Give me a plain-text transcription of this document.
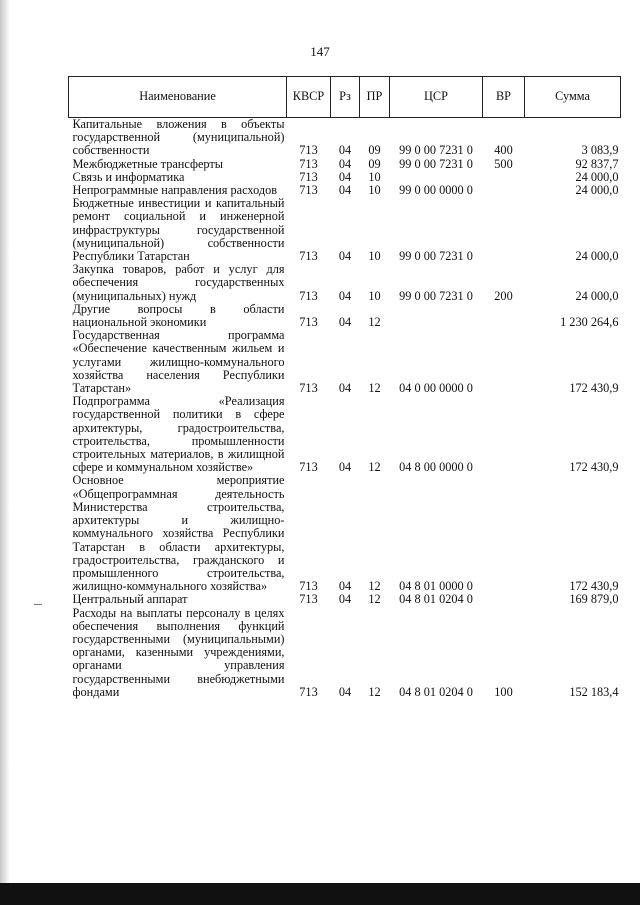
147
Наименование	КВСР	Рз	ПР	ЦСР	ВР	Сумма
Капитальные вложения в объекты государственной (муниципальной) собственности	713	04	09	99 0 00 7231 0	400	3 083,9
Межбюджетные трансферты	713	04	09	99 0 00 7231 0	500	92 837,7
Связь и информатика	713	04	10			24 000,0
Непрограммные направления расходов	713	04	10	99 0 00 0000 0		24 000,0
Бюджетные инвестиции и капитальный ремонт социальной и инженерной инфраструктуры государственной (муниципальной) собственности Республики Татарстан	713	04	10	99 0 00 7231 0		24 000,0
Закупка товаров, работ и услуг для обеспечения государственных (муниципальных) нужд	713	04	10	99 0 00 7231 0	200	24 000,0
Другие вопросы в области национальной экономики	713	04	12			1 230 264,6
Государственная программа «Обеспечение качественным жильем и услугами жилищно-коммунального хозяйства населения Республики Татарстан»	713	04	12	04 0 00 0000 0		172 430,9
Подпрограмма «Реализация государственной политики в сфере архитектуры, градостроительства, строительства, промышленности строительных материалов, в жилищной сфере и коммунальном хозяйстве»	713	04	12	04 8 00 0000 0		172 430,9
Основное мероприятие «Общепрограммная деятельность Министерства строительства, архитектуры и жилищно-коммунального хозяйства Республики Татарстан в области архитектуры, градостроительства, гражданского и промышленного строительства, жилищно-коммунального хозяйства»	713	04	12	04 8 01 0000 0		172 430,9
Центральный аппарат	713	04	12	04 8 01 0204 0		169 879,0
Расходы на выплаты персоналу в целях обеспечения выполнения функций государственными (муниципальными) органами, казенными учреждениями, органами управления государственными внебюджетными фондами	713	04	12	04 8 01 0204 0	100	152 183,4
